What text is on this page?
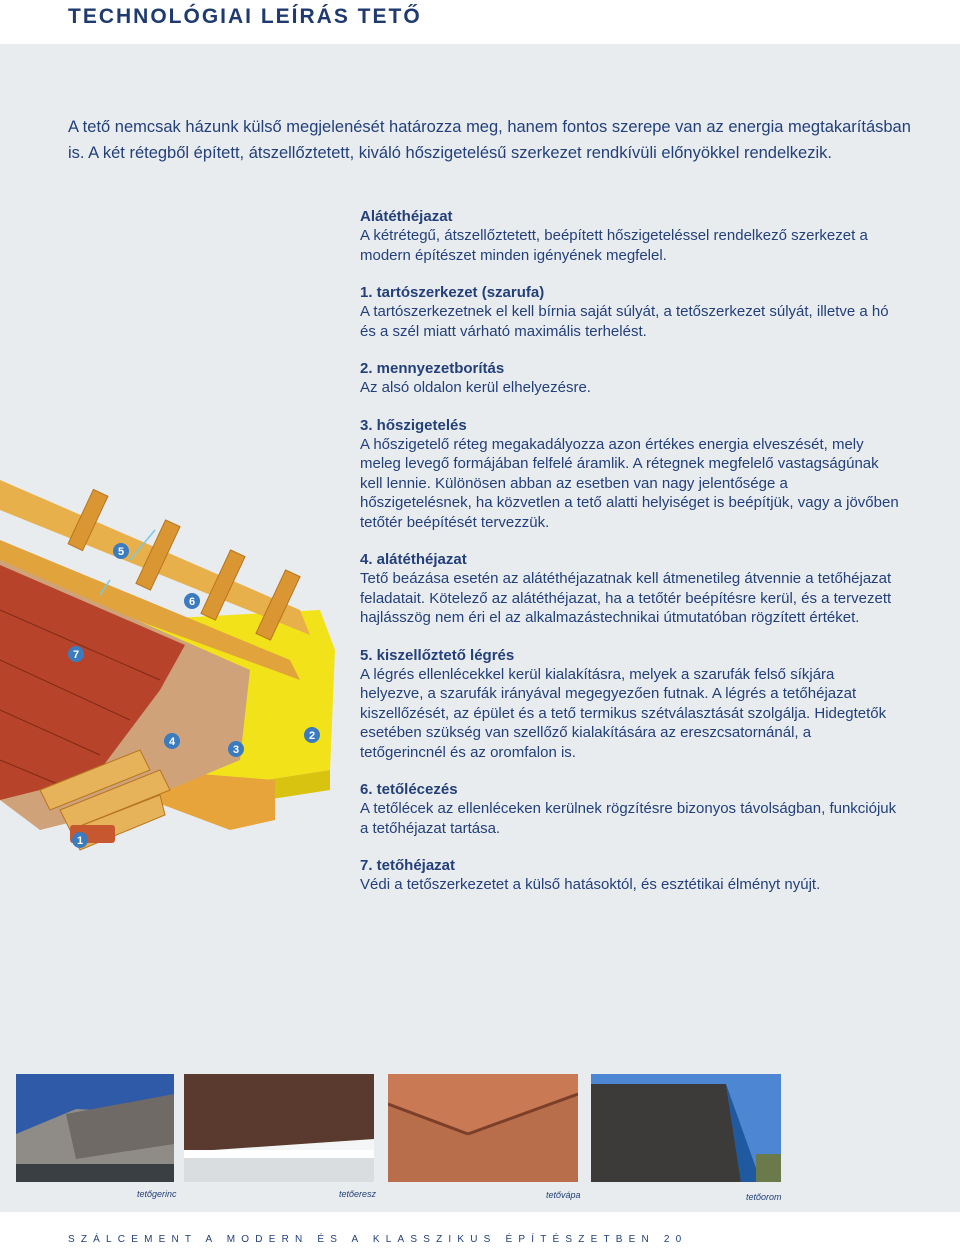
TECHNOLÓGIAI LEÍRÁS TETŐ

A tető nemcsak házunk külső megjelenését határozza meg, hanem fontos szerepe van az energia megtakarításban is. A két rétegből épített, átszellőztetett, kiváló hőszigetelésű szerkezet rendkívüli előnyökkel rendelkezik.

Alátéthéjazat

A kétrétegű, átszellőztetett, beépített hőszigeteléssel rendelkező szerkezet a modern építészet minden igényének megfelel.

1. tartószerkezet (szarufa)

A tartószerkezetnek el kell bírnia saját súlyát, a tetőszerkezet súlyát, illetve a hó és a szél miatt várható maximális terhelést.

2. mennyezetborítás

Az alsó oldalon kerül elhelyezésre.

3. hőszigetelés

A hőszigetelő réteg megakadályozza azon értékes energia elveszését, mely meleg levegő formájában felfelé áramlik. A rétegnek megfelelő vastagságúnak kell lennie. Különösen abban az esetben van nagy jelentősége a hőszigetelésnek, ha közvetlen a tető alatti helyiséget is beépítjük, vagy a jövőben tetőtér beépítését tervezzük.

4. alátéthéjazat

Tető beázása esetén az alátéthéjazatnak kell átmenetileg átvennie a tetőhéjazat feladatait. Kötelező az alátéthéjazat, ha a tetőtér beépítésre kerül, és a tervezett hajlásszög nem éri el az alkalmazástechnikai útmutatóban rögzített értéket.

5. kiszellőztető légrés

A légrés ellenlécekkel kerül kialakításra, melyek a szarufák felső síkjára helyezve, a szarufák irányával megegyezően futnak. A légrés a tetőhéjazat kiszellőzését, az épület és a tető termikus szétválasztását szolgálja. Hidegtetők esetében szükség van szellőző kialakítására az ereszcsatornánál, a tetőgerincnél és az oromfalon is.

6. tetőlécezés

A tetőlécek az ellenléceken kerülnek rögzítésre bizonyos távolságban, funkciójuk a tetőhéjazat tartása.

7. tetőhéjazat

Védi a tetőszerkezetet a külső hatásoktól, és esztétikai élményt nyújt.

1
2
3
4
5
6
7
tetőgerinc	tetőeresz	tetővápa	tetőorom
SZÁLCEMENT A MODERN ÉS A KLASSZIKUS ÉPÍTÉSZETBEN 20
